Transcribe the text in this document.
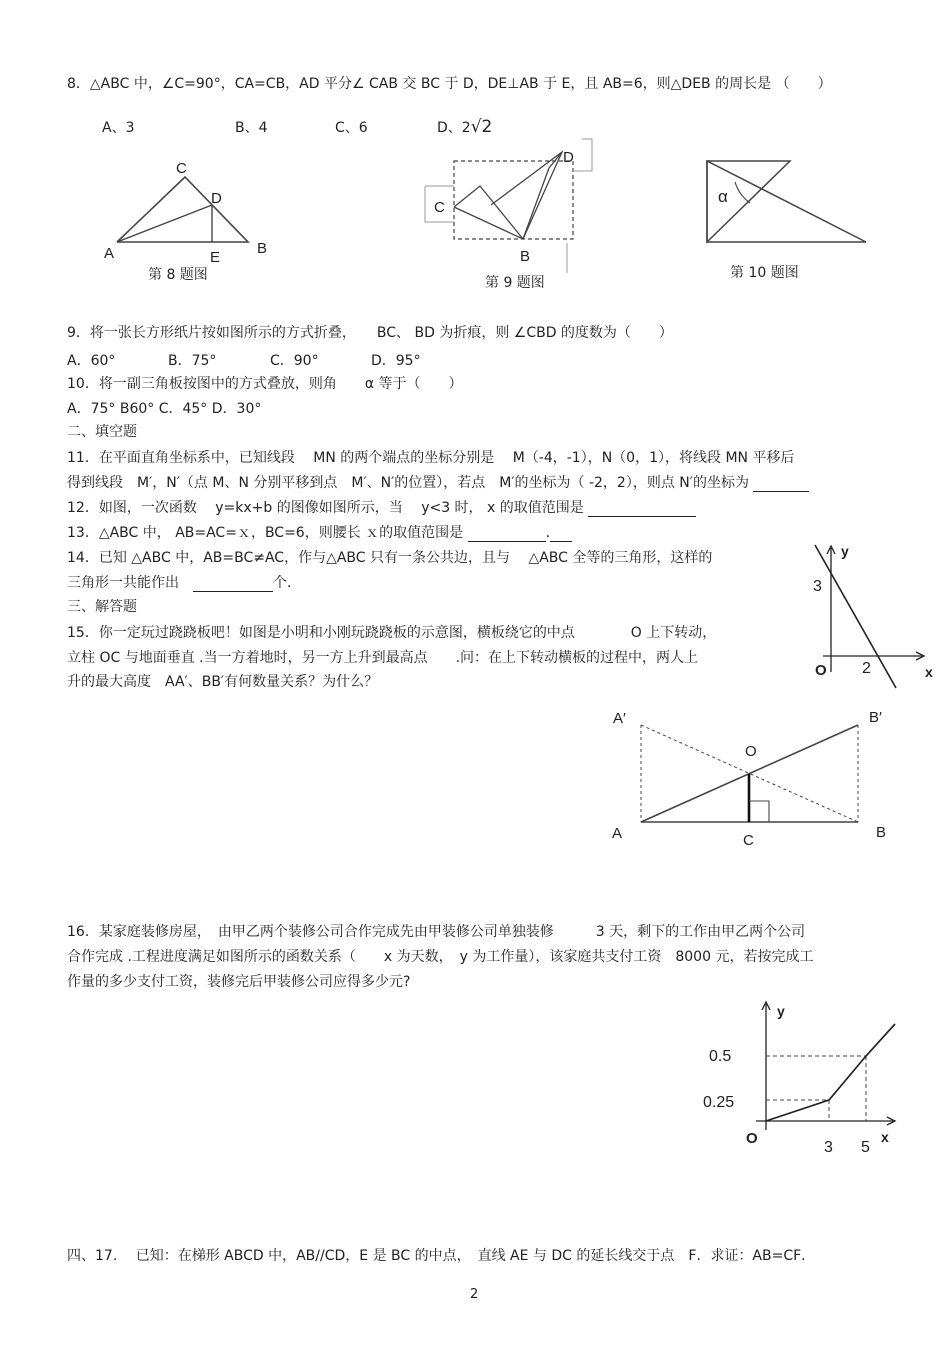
8．△ABC 中，∠C=90°，CA=CB，AD 平分∠ CAB 交 BC 于 D，DE⊥AB 于 E，且 AB=6，则△DEB 的周长是 （　　）
A、3	B、4	C、6	D、2√2
C
D
A	B
E
第 8 题图
C
D
B
第 9 题图
α
第 10 题图
9．将一张长方形纸片按如图所示的方式折叠，　　BC、 BD 为折痕，则 ∠CBD 的度数为（　　）
A．60°	B．75°	C．90°	D．95°
10．将一副三角板按图中的方式叠放，则角　　α 等于（　　）
A．75° B60° C．45° D．30°
二、填空题
11．在平面直角坐标系中，已知线段　 MN 的两个端点的坐标分别是　 M（-4，-1），N（0，1），将线段 MN 平移后
得到线段　M′，N′（点 M、N 分别平移到点　M′、N′的位置），若点　M′的坐标为（ -2，2），则点 N′的坐标为
12．如图，一次函数　 y=kx+b 的图像如图所示，当　 y<3 时， x 的取值范围是
13．△ABC 中， AB=AC=ｘ，BC=6，则腰长 ｘ的取值范围是	.
14．已知 △ABC 中，AB=BC≠AC，作与△ABC 只有一条公共边，且与　 △ABC 全等的三角形，这样的
三角形一共能作出　	个.
y
x
O
3
2
三、解答题
15．你一定玩过跷跷板吧！如图是小明和小刚玩跷跷板的示意图，横板绕它的中点　　　　O 上下转动，
立柱 OC 与地面垂直 .当一方着地时，另一方上升到最高点　　.问：在上下转动横板的过程中，两人上
升的最大高度　AA′、BB′有何数量关系？为什么？
A′	B′
O
A	B
C
16．某家庭装修房屋，　由甲乙两个装修公司合作完成先由甲装修公司单独装修　　　3 天，剩下的工作由甲乙两个公司
合作完成 .工程进度满足如图所示的函数关系（　　x 为天数，　y 为工作量），该家庭共支付工资　8000 元，若按完成工
作量的多少支付工资，装修完后甲装修公司应得多少元?
y
x
O
0.5
0.25
3 5
四、17.　 已知：在梯形 ABCD 中，AB//CD，E 是 BC 的中点，　直线 AE 与 DC 的延长线交于点　F．求证：AB=CF．
2
